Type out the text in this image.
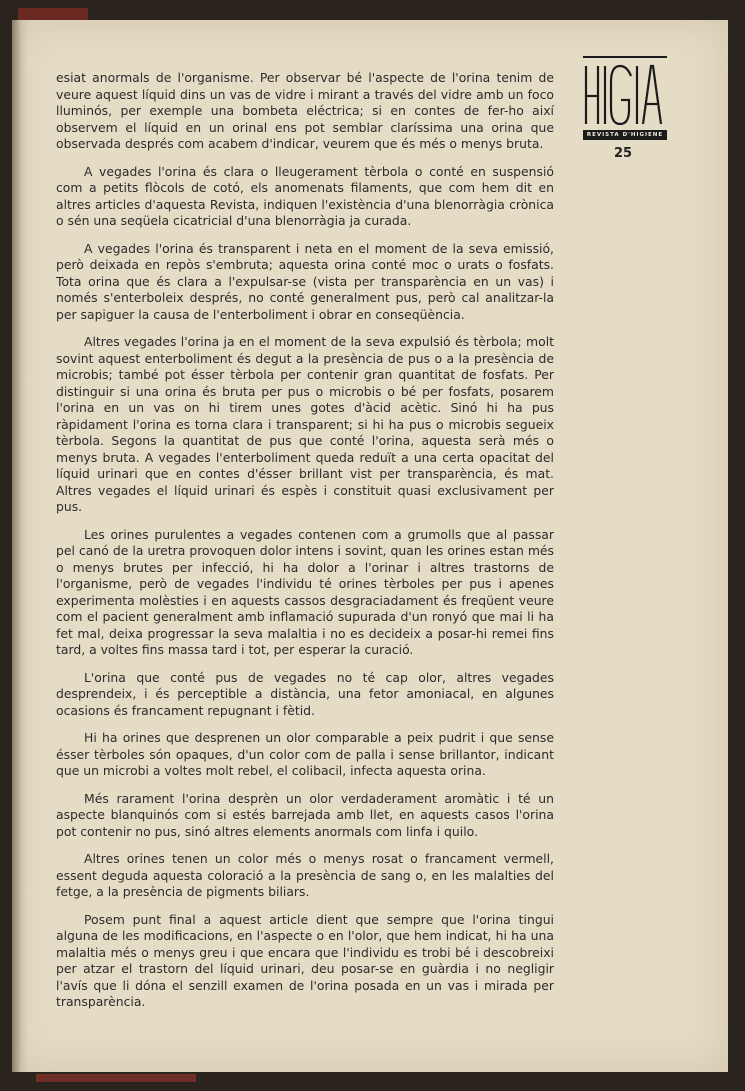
REVISTA D'HIGIENE
25

esiat anormals de l'organisme. Per observar bé l'aspecte de l'orina tenim de veure aquest líquid dins un vas de vidre i mirant a través del vidre amb un foco lluminós, per exemple una bombeta eléctrica; si en contes de fer-ho així observem el líquid en un orinal ens pot semblar claríssima una orina que observada després com acabem d'indicar, veurem que és més o menys bruta.

A vegades l'orina és clara o lleugerament tèrbola o conté en suspensió com a petits flòcols de cotó, els anomenats filaments, que com hem dit en altres articles d'aquesta Revista, indiquen l'existència d'una blenorràgia crònica o sén una seqüela cicatricial d'una blenorràgia ja curada.

A vegades l'orina és transparent i neta en el moment de la seva emissió, però deixada en repòs s'embruta; aquesta orina conté moc o urats o fosfats. Tota orina que és clara a l'expulsar-se (vista per transparència en un vas) i només s'enterboleix després, no conté generalment pus, però cal analitzar-la per sapiguer la causa de l'enterboliment i obrar en conseqüència.

Altres vegades l'orina ja en el moment de la seva expulsió és tèrbola; molt sovint aquest enterboliment és degut a la presència de pus o a la presència de microbis; també pot ésser tèrbola per contenir gran quantitat de fosfats. Per distinguir si una orina és bruta per pus o microbis o bé per fosfats, posarem l'orina en un vas on hi tirem unes gotes d'àcid acètic. Sinó hi ha pus ràpidament l'orina es torna clara i transparent; si hi ha pus o microbis segueix tèrbola. Segons la quantitat de pus que conté l'orina, aquesta serà més o menys bruta. A vegades l'enterboliment queda reduït a una certa opacitat del líquid urinari que en contes d'ésser brillant vist per transparència, és mat. Altres vegades el líquid urinari és espès i constituit quasi exclusivament per pus.

Les orines purulentes a vegades contenen com a grumolls que al passar pel canó de la uretra provoquen dolor intens i sovint, quan les orines estan més o menys brutes per infecció, hi ha dolor a l'orinar i altres trastorns de l'organisme, però de vegades l'individu té orines tèrboles per pus i apenes experimenta molèsties i en aquests cassos desgraciadament és freqüent veure com el pacient generalment amb inflamació supurada d'un ronyó que mai li ha fet mal, deixa progressar la seva malaltia i no es decideix a posar-hi remei fins tard, a voltes fins massa tard i tot, per esperar la curació.

L'orina que conté pus de vegades no té cap olor, altres vegades desprendeix, i és perceptible a distància, una fetor amoniacal, en algunes ocasions és francament repugnant i fètid.

Hi ha orines que desprenen un olor comparable a peix pudrit i que sense ésser tèrboles són opaques, d'un color com de palla i sense brillantor, indicant que un microbi a voltes molt rebel, el colibacil, infecta aquesta orina.

Més rarament l'orina desprèn un olor verdaderament aromàtic i té un aspecte blanquinós com si estés barrejada amb llet, en aquests casos l'orina pot contenir no pus, sinó altres elements anormals com linfa i quilo.

Altres orines tenen un color més o menys rosat o francament vermell, essent deguda aquesta coloració a la presència de sang o, en les malalties del fetge, a la presència de pigments biliars.

Posem punt final a aquest article dient que sempre que l'orina tingui alguna de les modificacions, en l'aspecte o en l'olor, que hem indicat, hi ha una malaltia més o menys greu i que encara que l'individu es trobi bé i descobreixi per atzar el trastorn del líquid urinari, deu posar-se en guàrdia i no negligir l'avís que li dóna el senzill examen de l'orina posada en un vas i mirada per transparència.
